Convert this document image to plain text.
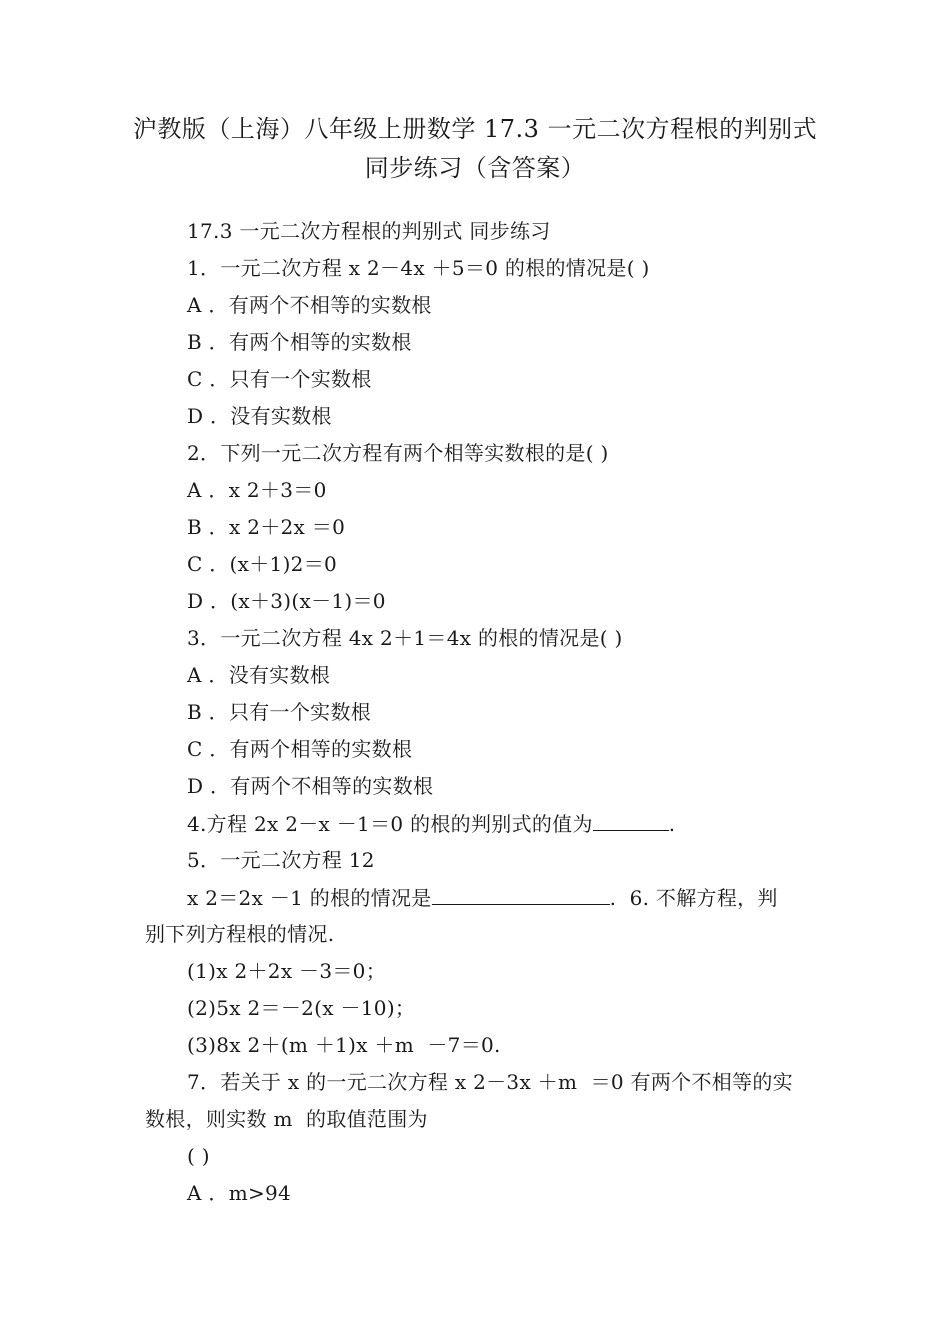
沪教版（上海）八年级上册数学 17.3 一元二次方程根的判别式
同步练习（含答案）
17.3 一元二次方程根的判别式 同步练习
1．一元二次方程 x 2－4x ＋5＝0 的根的情况是( )
A ．有两个不相等的实数根
B ．有两个相等的实数根
C ．只有一个实数根
D ．没有实数根
2．下列一元二次方程有两个相等实数根的是( )
A ．x 2＋3＝0
B ．x 2＋2x ＝0
C ．(x＋1)2＝0
D ．(x＋3)(x－1)＝0
3．一元二次方程 4x 2＋1＝4x 的根的情况是( )
A ．没有实数根
B ．只有一个实数根
C ．有两个相等的实数根
D ．有两个不相等的实数根
4.方程 2x 2－x －1＝0 的根的判别式的值为	.
5．一元二次方程 12
x 2＝2x －1 的根的情况是	.  6. 不解方程，判
别下列方程根的情况.
(1)x 2＋2x －3＝0；
(2)5x 2＝－2(x －10)；
(3)8x 2＋(m ＋1)x ＋m  －7＝0.
7．若关于 x 的一元二次方程 x 2－3x ＋m  ＝0 有两个不相等的实
数根，则实数 m  的取值范围为
( )
A ．m>94
